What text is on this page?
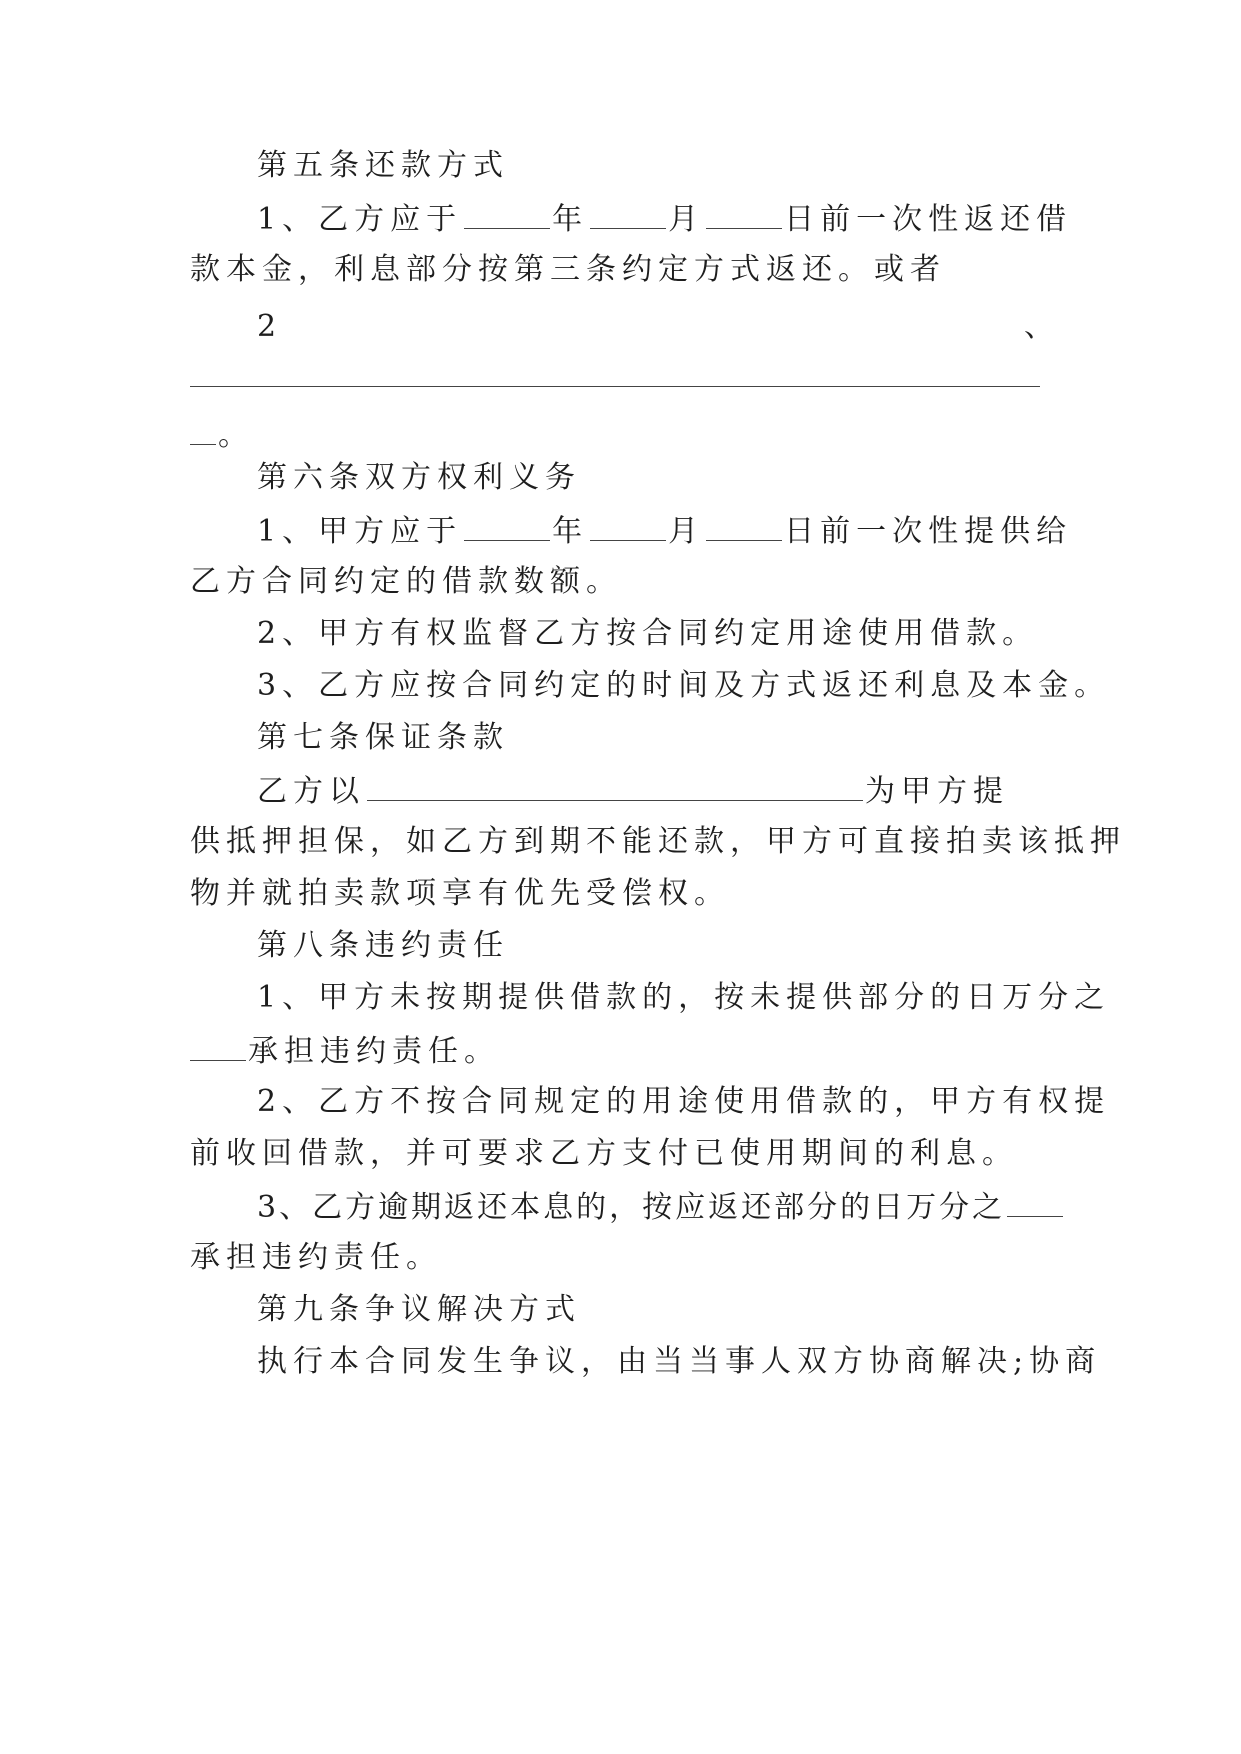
第五条还款方式
1、乙方应于	年	月	日前一次性返还借
款本金，利息部分按第三条约定方式返还。或者
2	、
。
第六条双方权利义务
1、甲方应于	年	月	日前一次性提供给
乙方合同约定的借款数额。
2、甲方有权监督乙方按合同约定用途使用借款。
3、乙方应按合同约定的时间及方式返还利息及本金。
第七条保证条款
乙方以	为甲方提
供抵押担保，如乙方到期不能还款，甲方可直接拍卖该抵押
物并就拍卖款项享有优先受偿权。
第八条违约责任
1、甲方未按期提供借款的，按未提供部分的日万分之
承担违约责任。
2、乙方不按合同规定的用途使用借款的，甲方有权提
前收回借款，并可要求乙方支付已使用期间的利息。
3、乙方逾期返还本息的，按应返还部分的日万分之
承担违约责任。
第九条争议解决方式
执行本合同发生争议，由当当事人双方协商解决;协商
